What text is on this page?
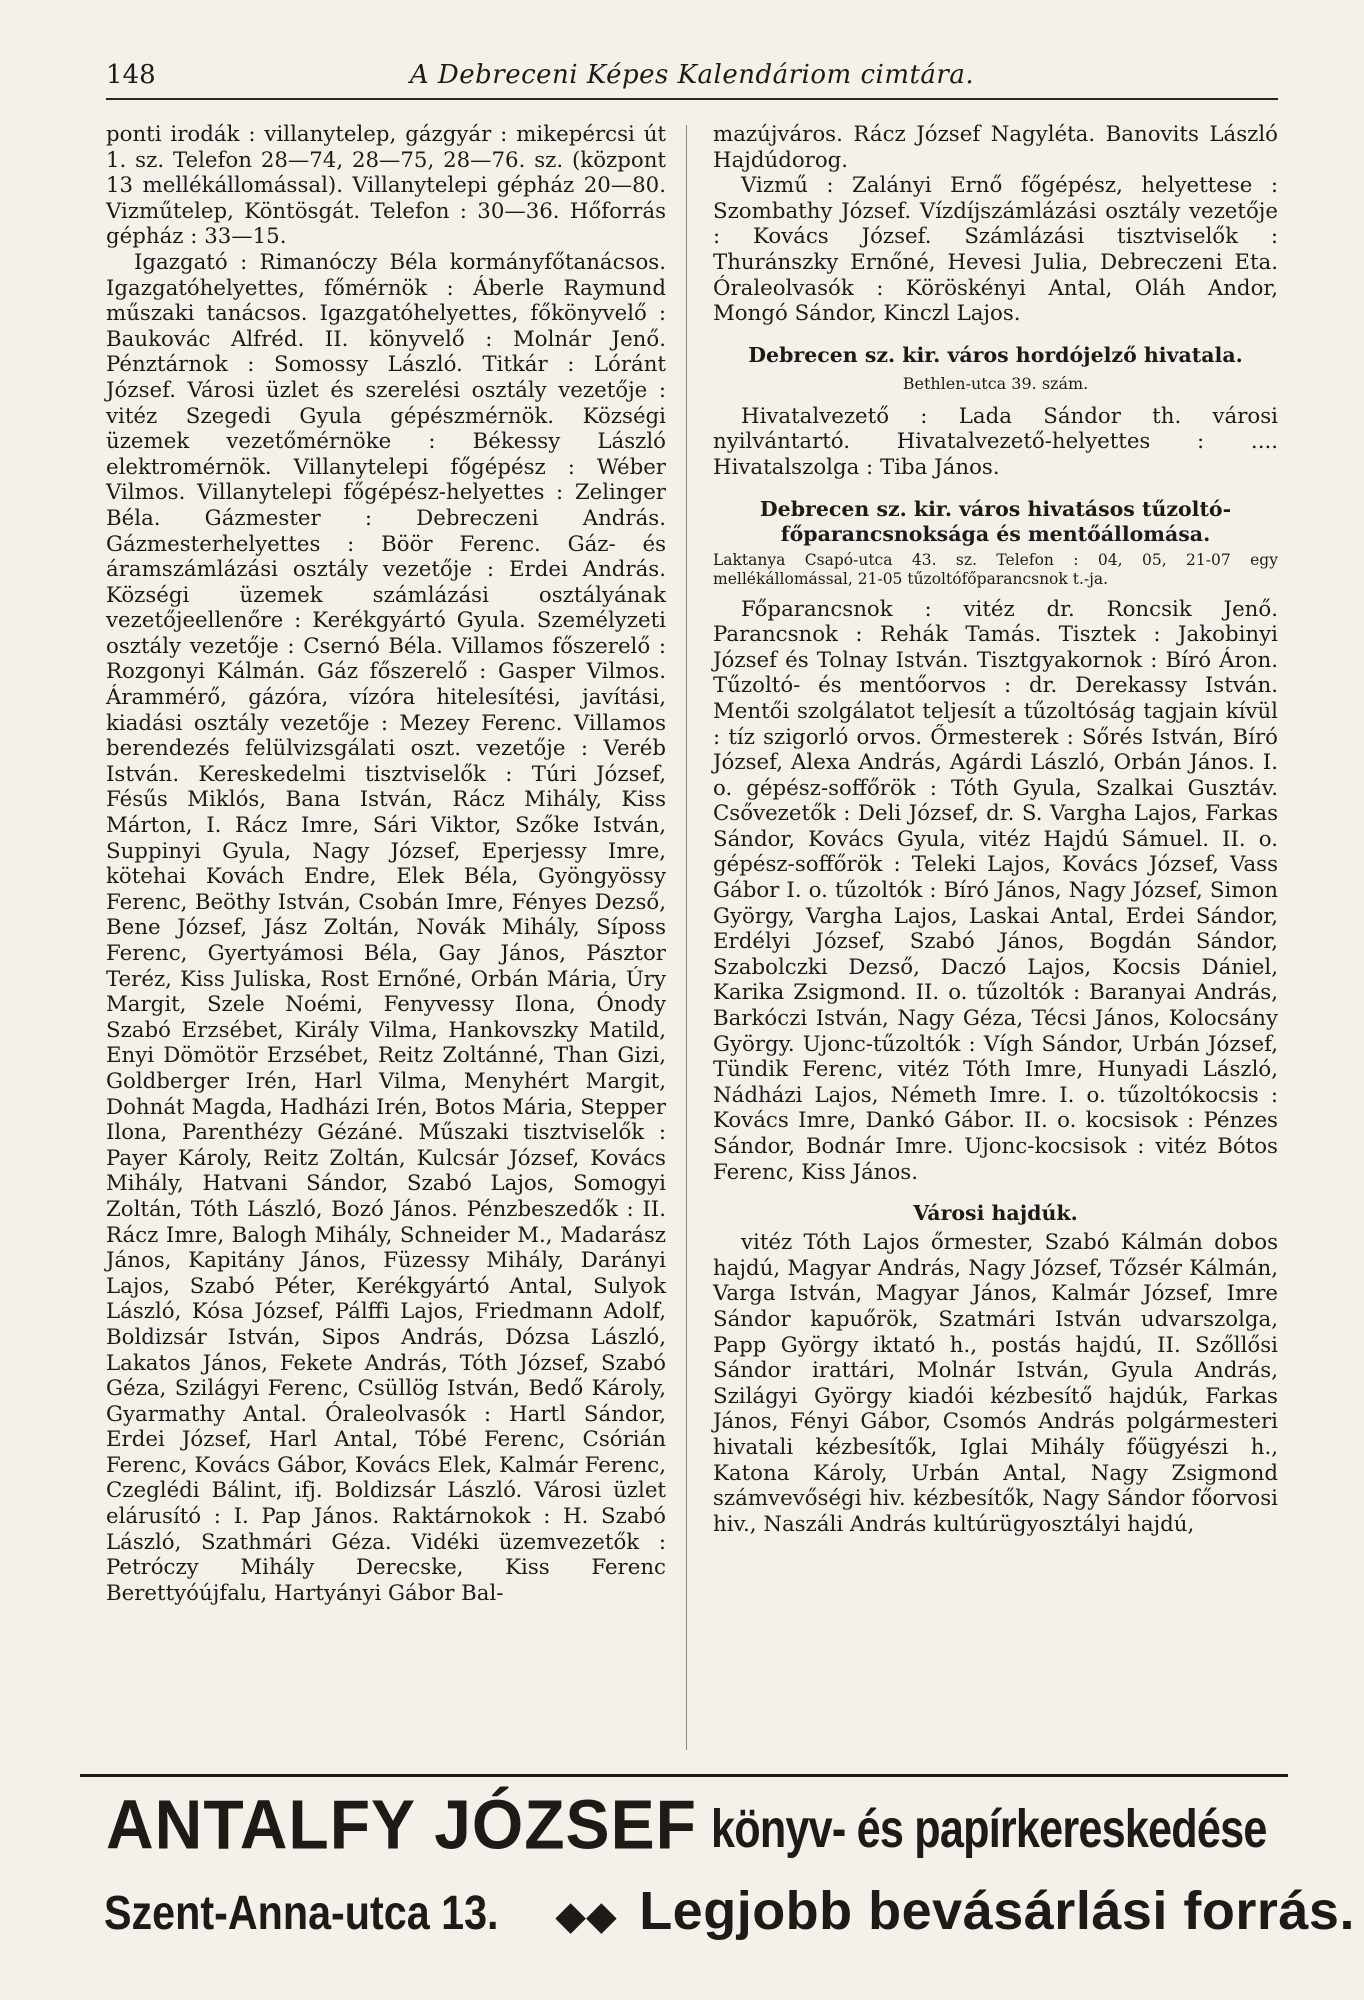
148	A Debreceni Képes Kalendáriom cimtára.

ponti irodák : villanytelep, gázgyár : mikepércsi út 1. sz. Telefon 28—74, 28—75, 28—76. sz. (központ 13 mellékállomással). Villanytelepi gépház 20—80. Vizműtelep, Köntösgát. Telefon : 30—36. Hőforrás gépház : 33—15.

Igazgató : Rimanóczy Béla kormányfőtanácsos. Igazgatóhelyettes, főmérnök : Áberle Raymund műszaki tanácsos. Igazgatóhelyettes, főkönyvelő : Baukovác Alfréd. II. könyvelő : Molnár Jenő. Pénztárnok : Somossy László. Titkár : Lóránt József. Városi üzlet és szerelési osztály vezetője : vitéz Szegedi Gyula gépészmérnök. Községi üzemek vezetőmérnöke : Békessy László elektromérnök. Villanytelepi főgépész : Wéber Vilmos. Villanytelepi főgépész-helyettes : Zelinger Béla. Gázmester : Debreczeni András. Gázmesterhelyettes : Böör Ferenc. Gáz- és áramszámlázási osztály vezetője : Erdei András. Községi üzemek számlázási osztályának vezetőjeellenőre : Kerékgyártó Gyula. Személyzeti osztály vezetője : Csernó Béla. Villamos főszerelő : Rozgonyi Kálmán. Gáz főszerelő : Gasper Vilmos. Árammérő, gázóra, vízóra hitelesítési, javítási, kiadási osztály vezetője : Mezey Ferenc. Villamos berendezés felülvizsgálati oszt. vezetője : Veréb István. Kereskedelmi tisztviselők : Túri József, Fésűs Miklós, Bana István, Rácz Mihály, Kiss Márton, I. Rácz Imre, Sári Viktor, Szőke István, Suppinyi Gyula, Nagy József, Eperjessy Imre, kötehai Kovách Endre, Elek Béla, Gyöngyössy Ferenc, Beöthy István, Csobán Imre, Fényes Dezső, Bene József, Jász Zoltán, Novák Mihály, Síposs Ferenc, Gyertyámosi Béla, Gay János, Pásztor Teréz, Kiss Juliska, Rost Ernőné, Orbán Mária, Úry Margit, Szele Noémi, Fenyvessy Ilona, Ónody Szabó Erzsébet, Király Vilma, Hankovszky Matild, Enyi Dömötör Erzsébet, Reitz Zoltánné, Than Gizi, Goldberger Irén, Harl Vilma, Menyhért Margit, Dohnát Magda, Hadházi Irén, Botos Mária, Stepper Ilona, Parenthézy Gézáné. Műszaki tisztviselők : Payer Károly, Reitz Zoltán, Kulcsár József, Kovács Mihály, Hatvani Sándor, Szabó Lajos, Somogyi Zoltán, Tóth László, Bozó János. Pénzbeszedők : II. Rácz Imre, Balogh Mihály, Schneider M., Madarász János, Kapitány János, Füzessy Mihály, Darányi Lajos, Szabó Péter, Kerékgyártó Antal, Sulyok László, Kósa József, Pálffi Lajos, Friedmann Adolf, Boldizsár István, Sipos András, Dózsa László, Lakatos János, Fekete András, Tóth József, Szabó Géza, Szilágyi Ferenc, Csüllög István, Bedő Károly, Gyarmathy Antal. Óraleolvasók : Hartl Sándor, Erdei József, Harl Antal, Tóbé Ferenc, Csórián Ferenc, Kovács Gábor, Kovács Elek, Kalmár Ferenc, Czeglédi Bálint, ifj. Boldizsár László. Városi üzlet elárusító : I. Pap János. Raktárnokok : H. Szabó László, Szathmári Géza. Vidéki üzemvezetők : Petróczy Mihály Derecske, Kiss Ferenc Berettyóújfalu, Hartyányi Gábor Bal-

mazújváros. Rácz József Nagyléta. Banovits László Hajdúdorog.

Vizmű : Zalányi Ernő főgépész, helyettese : Szombathy József. Vízdíjszámlázási osztály vezetője : Kovács József. Számlázási tisztviselők : Thuránszky Ernőné, Hevesi Julia, Debreczeni Eta. Óraleolvasók : Köröskényi Antal, Oláh Andor, Mongó Sándor, Kinczl Lajos.

Debrecen sz. kir. város hordójelző hivatala.
Bethlen-utca 39. szám.

Hivatalvezető : Lada Sándor th. városi nyilvántartó. Hivatalvezető-helyettes : .... Hivatalszolga : Tiba János.

Debrecen sz. kir. város hivatásos tűzoltó-főparancsnoksága és mentőállomása.
Laktanya Csapó-utca 43. sz. Telefon : 04, 05, 21-07 egy mellékállomással, 21-05 tűzoltófőparancsnok t.-ja.

Főparancsnok : vitéz dr. Roncsik Jenő. Parancsnok : Rehák Tamás. Tisztek : Jakobinyi József és Tolnay István. Tisztgyakornok : Bíró Áron. Tűzoltó- és mentőorvos : dr. Derekassy István. Mentői szolgálatot teljesít a tűzoltóság tagjain kívül : tíz szigorló orvos. Őrmesterek : Sőrés István, Bíró József, Alexa András, Agárdi László, Orbán János. I. o. gépész-soffőrök : Tóth Gyula, Szalkai Gusztáv. Csővezetők : Deli József, dr. S. Vargha Lajos, Farkas Sándor, Kovács Gyula, vitéz Hajdú Sámuel. II. o. gépész-soffőrök : Teleki Lajos, Kovács József, Vass Gábor I. o. tűzoltók : Bíró János, Nagy József, Simon György, Vargha Lajos, Laskai Antal, Erdei Sándor, Erdélyi József, Szabó János, Bogdán Sándor, Szabolczki Dezső, Daczó Lajos, Kocsis Dániel, Karika Zsigmond. II. o. tűzoltók : Baranyai András, Barkóczi István, Nagy Géza, Técsi János, Kolocsány György. Ujonc-tűzoltók : Vígh Sándor, Urbán József, Tündik Ferenc, vitéz Tóth Imre, Hunyadi László, Nádházi Lajos, Németh Imre. I. o. tűzoltókocsis : Kovács Imre, Dankó Gábor. II. o. kocsisok : Pénzes Sándor, Bodnár Imre. Ujonc-kocsisok : vitéz Bótos Ferenc, Kiss János.

Városi hajdúk.

vitéz Tóth Lajos őrmester, Szabó Kálmán dobos hajdú, Magyar András, Nagy József, Tőzsér Kálmán, Varga István, Magyar János, Kalmár József, Imre Sándor kapuőrök, Szatmári István udvarszolga, Papp György iktató h., postás hajdú, II. Szőllősi Sándor irattári, Molnár István, Gyula András, Szilágyi György kiadói kézbesítő hajdúk, Farkas János, Fényi Gábor, Csomós András polgármesteri hivatali kézbesítők, Iglai Mihály főügyészi h., Katona Károly, Urbán Antal, Nagy Zsigmond számvevőségi hiv. kézbesítők, Nagy Sándor főorvosi hiv., Naszáli András kultúrügyosztályi hajdú,

ANTALFY JÓZSEF könyv- és papírkereskedése
Szent-Anna-utca 13. ◆◆ Legjobb bevásárlási forrás.
